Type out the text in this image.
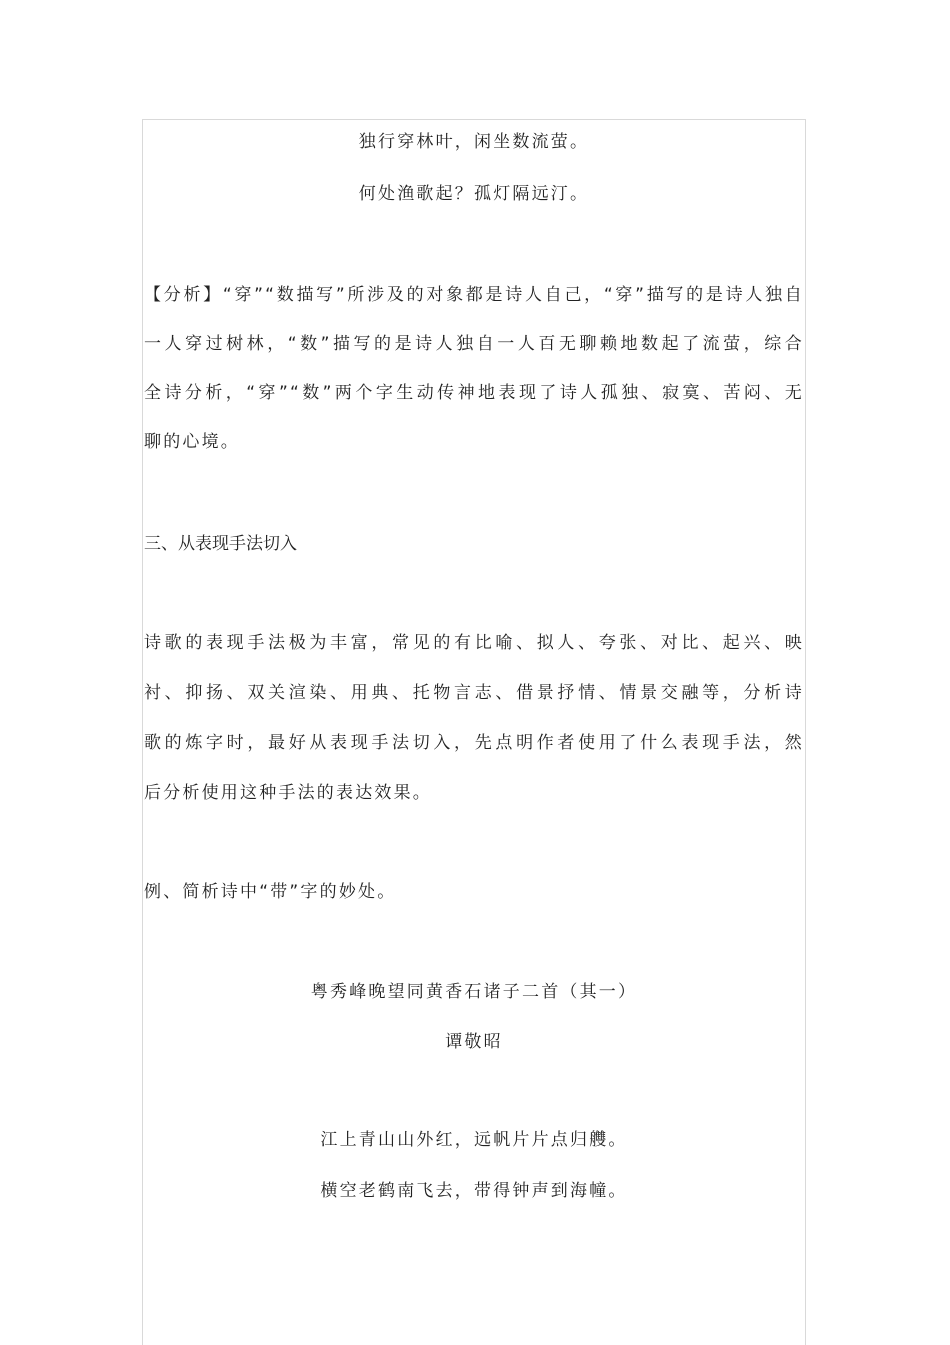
独行穿林叶，闲坐数流萤。
何处渔歌起？孤灯隔远汀。
【分析】“穿”“数描写”所涉及的对象都是诗人自己，“穿”描写的是诗人独自
一人穿过树林，“数”描写的是诗人独自一人百无聊赖地数起了流萤，综合
全诗分析，“穿”“数”两个字生动传神地表现了诗人孤独、寂寞、苦闷、无
聊的心境。
三、从表现手法切入
诗歌的表现手法极为丰富，常见的有比喻、拟人、夸张、对比、起兴、映
衬、抑扬、双关渲染、用典、托物言志、借景抒情、情景交融等，分析诗
歌的炼字时，最好从表现手法切入，先点明作者使用了什么表现手法，然
后分析使用这种手法的表达效果。
例、简析诗中“带”字的妙处。
粤秀峰晚望同黄香石诸子二首（其一）
谭敬昭
江上青山山外红，远帆片片点归艭。
横空老鹤南飞去，带得钟声到海幢。
